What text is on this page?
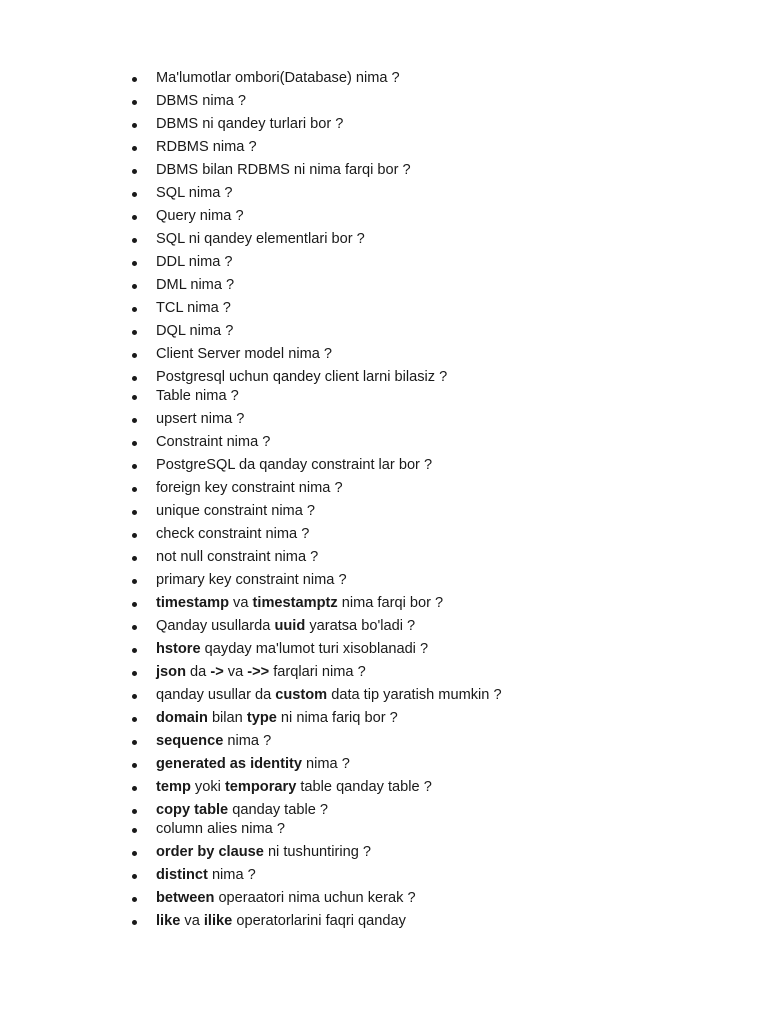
Ma'lumotlar ombori(Database) nima ?
DBMS nima ?
DBMS ni qandey turlari bor ?
RDBMS nima ?
DBMS bilan RDBMS ni nima farqi bor ?
SQL nima ?
Query nima ?
SQL ni qandey elementlari bor ?
DDL nima ?
DML nima ?
TCL nima ?
DQL nima ?
Client Server model nima ?
Postgresql uchun qandey client larni bilasiz ?
Table nima ?
upsert nima ?
Constraint nima ?
PostgreSQL da qanday constraint lar bor ?
foreign key constraint nima ?
unique constraint nima ?
check constraint nima ?
not null constraint nima ?
primary key constraint nima ?
timestamp va timestamptz nima farqi bor ?
Qanday usullarda uuid yaratsa bo'ladi ?
hstore qayday ma'lumot turi xisoblanadi ?
json da -> va ->> farqlari nima ?
qanday usullar da custom data tip yaratish mumkin ?
domain bilan type ni nima fariq bor ?
sequence nima ?
generated as identity nima ?
temp yoki temporary table qanday table ?
copy table qanday table ?
column alies nima ?
order by clause ni tushuntiring ?
distinct nima ?
between operaatori nima uchun kerak ?
like va ilike operatorlarini faqri qanday
